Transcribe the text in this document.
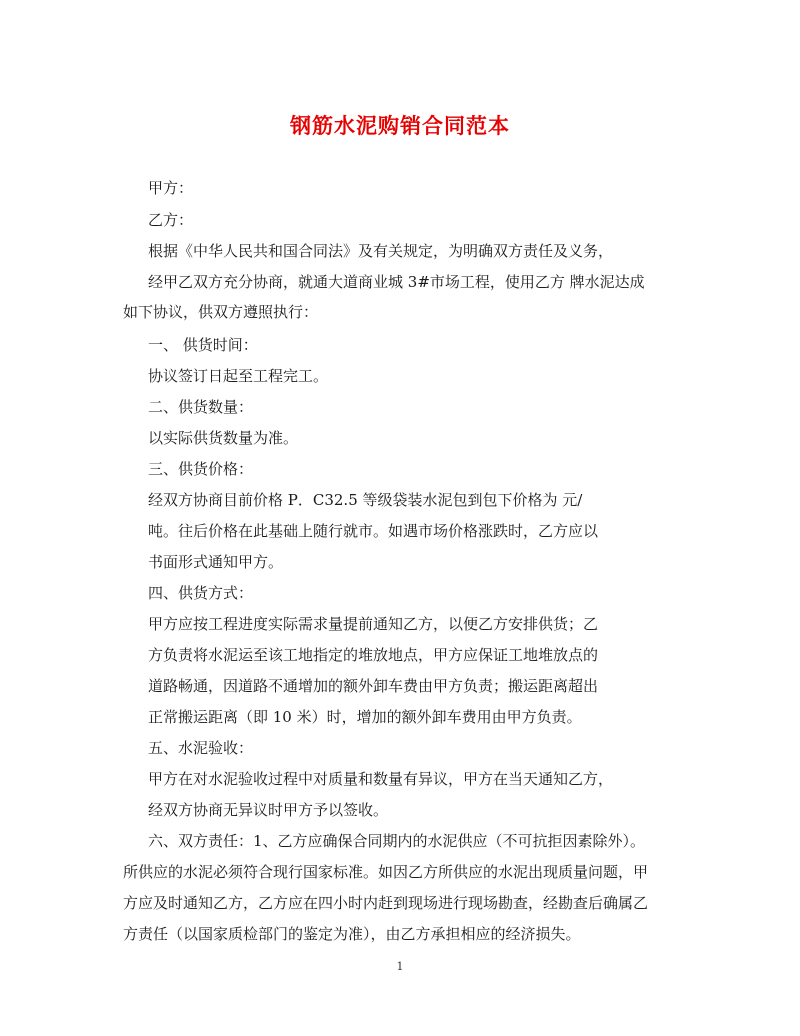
钢筋水泥购销合同范本
甲方：
乙方：
根据《中华人民共和国合同法》及有关规定，为明确双方责任及义务，
经甲乙双方充分协商，就通大道商业城 3#市场工程，使用乙方 牌水泥达成
如下协议，供双方遵照执行：
一、 供货时间：
协议签订日起至工程完工。
二、供货数量：
以实际供货数量为准。
三、供货价格：
经双方协商目前价格 P．C32.5 等级袋装水泥包到包下价格为 元/
吨。往后价格在此基础上随行就市。如遇市场价格涨跌时，乙方应以
书面形式通知甲方。
四、供货方式：
甲方应按工程进度实际需求量提前通知乙方，以便乙方安排供货；乙
方负责将水泥运至该工地指定的堆放地点，甲方应保证工地堆放点的
道路畅通，因道路不通增加的额外卸车费由甲方负责；搬运距离超出
正常搬运距离（即 10 米）时，增加的额外卸车费用由甲方负责。
五、水泥验收：
甲方在对水泥验收过程中对质量和数量有异议，甲方在当天通知乙方，
经双方协商无异议时甲方予以签收。
六、双方责任：1、乙方应确保合同期内的水泥供应（不可抗拒因素除外）。
所供应的水泥必须符合现行国家标准。如因乙方所供应的水泥出现质量问题，甲
方应及时通知乙方，乙方应在四小时内赶到现场进行现场勘查，经勘查后确属乙
方责任（以国家质检部门的鉴定为准），由乙方承担相应的经济损失。
1
